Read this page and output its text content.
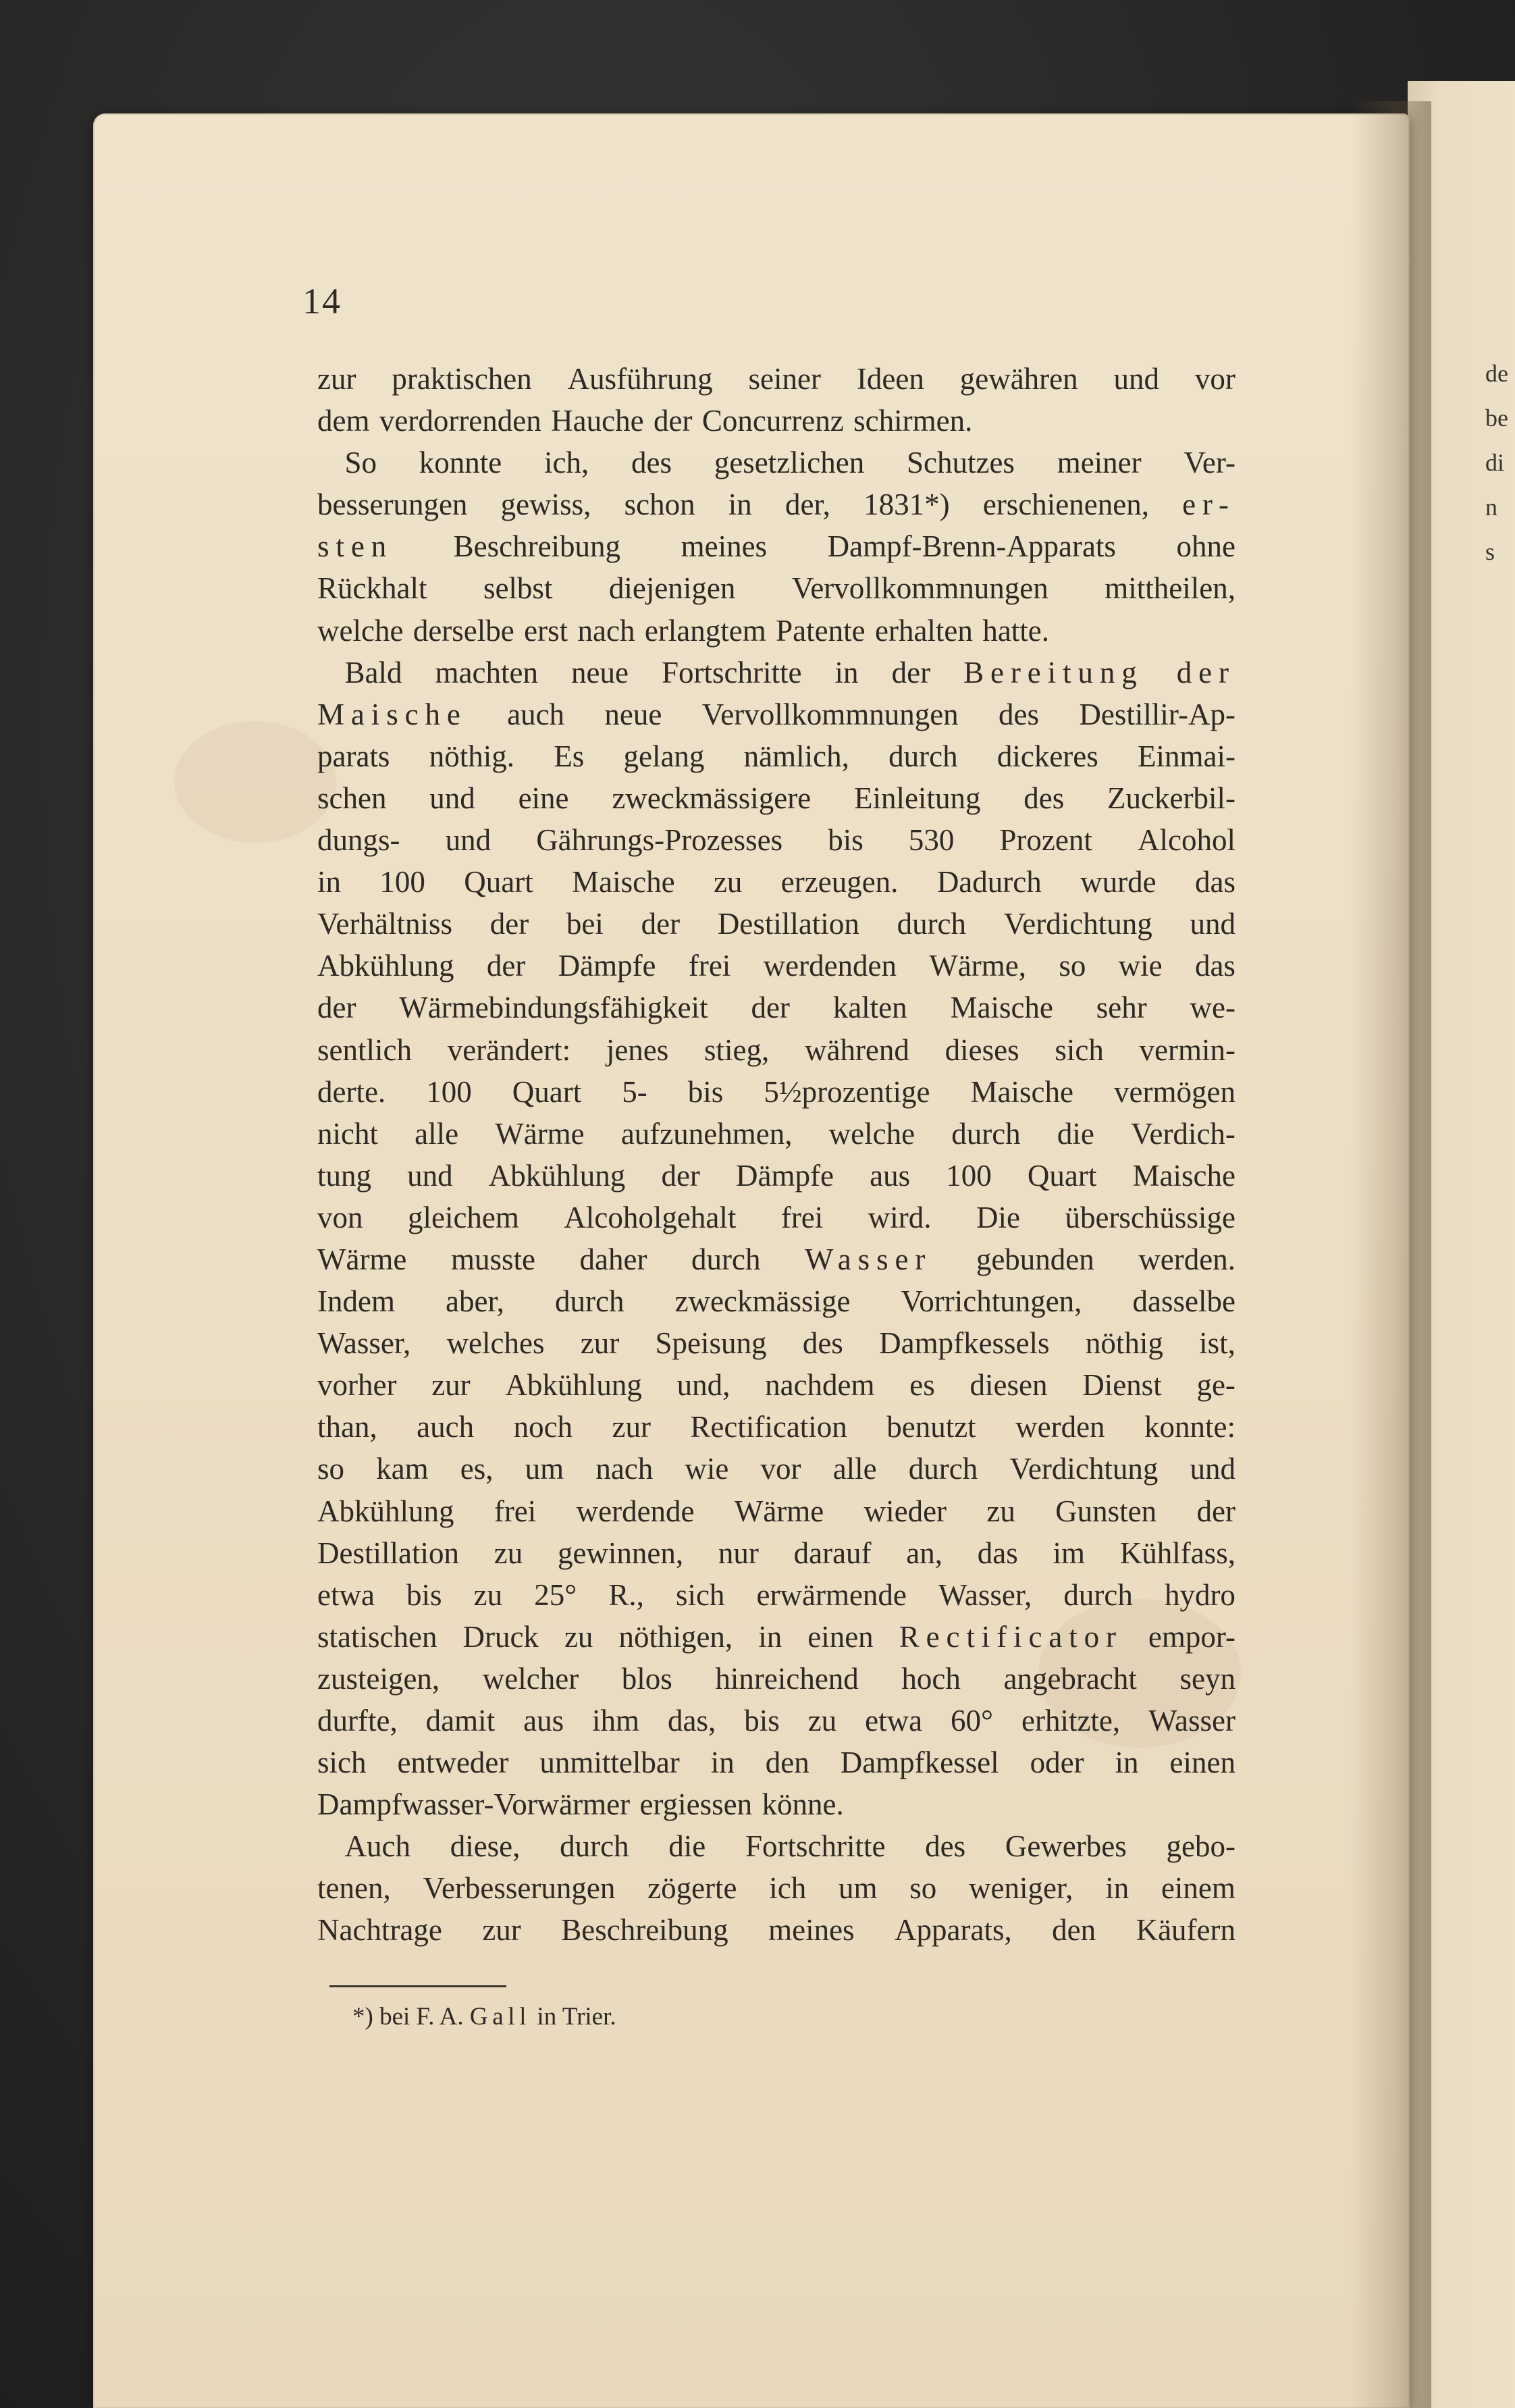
de
be
di
n
s
14
zur praktischen Ausführung seiner Ideen gewähren und vor
dem verdorrenden Hauche der Concurrenz schirmen.
So konnte ich, des gesetzlichen Schutzes meiner Ver-
besserungen gewiss, schon in der, 1831*) erschienenen, er-
sten Beschreibung meines Dampf-Brenn-Apparats ohne
Rückhalt selbst diejenigen Vervollkommnungen mittheilen,
welche derselbe erst nach erlangtem Patente erhalten hatte.
Bald machten neue Fortschritte in der Bereitung der
Maische auch neue Vervollkommnungen des Destillir-Ap-
parats nöthig. Es gelang nämlich, durch dickeres Einmai-
schen und eine zweckmässigere Einleitung des Zuckerbil-
dungs- und Gährungs-Prozesses bis 530 Prozent Alcohol
in 100 Quart Maische zu erzeugen. Dadurch wurde das
Verhältniss der bei der Destillation durch Verdichtung und
Abkühlung der Dämpfe frei werdenden Wärme, so wie das
der Wärmebindungsfähigkeit der kalten Maische sehr we-
sentlich verändert: jenes stieg, während dieses sich vermin-
derte. 100 Quart 5- bis 5½prozentige Maische vermögen
nicht alle Wärme aufzunehmen, welche durch die Verdich-
tung und Abkühlung der Dämpfe aus 100 Quart Maische
von gleichem Alcoholgehalt frei wird. Die überschüssige
Wärme musste daher durch Wasser gebunden werden.
Indem aber, durch zweckmässige Vorrichtungen, dasselbe
Wasser, welches zur Speisung des Dampfkessels nöthig ist,
vorher zur Abkühlung und, nachdem es diesen Dienst ge-
than, auch noch zur Rectification benutzt werden konnte:
so kam es, um nach wie vor alle durch Verdichtung und
Abkühlung frei werdende Wärme wieder zu Gunsten der
Destillation zu gewinnen, nur darauf an, das im Kühlfass,
etwa bis zu 25° R., sich erwärmende Wasser, durch hydro
statischen Druck zu nöthigen, in einen Rectificator empor-
zusteigen, welcher blos hinreichend hoch angebracht seyn
durfte, damit aus ihm das, bis zu etwa 60° erhitzte, Wasser
sich entweder unmittelbar in den Dampfkessel oder in einen
Dampfwasser-Vorwärmer ergiessen könne.
Auch diese, durch die Fortschritte des Gewerbes gebo-
tenen, Verbesserungen zögerte ich um so weniger, in einem
Nachtrage zur Beschreibung meines Apparats, den Käufern
*) bei F. A. Gall in Trier.
